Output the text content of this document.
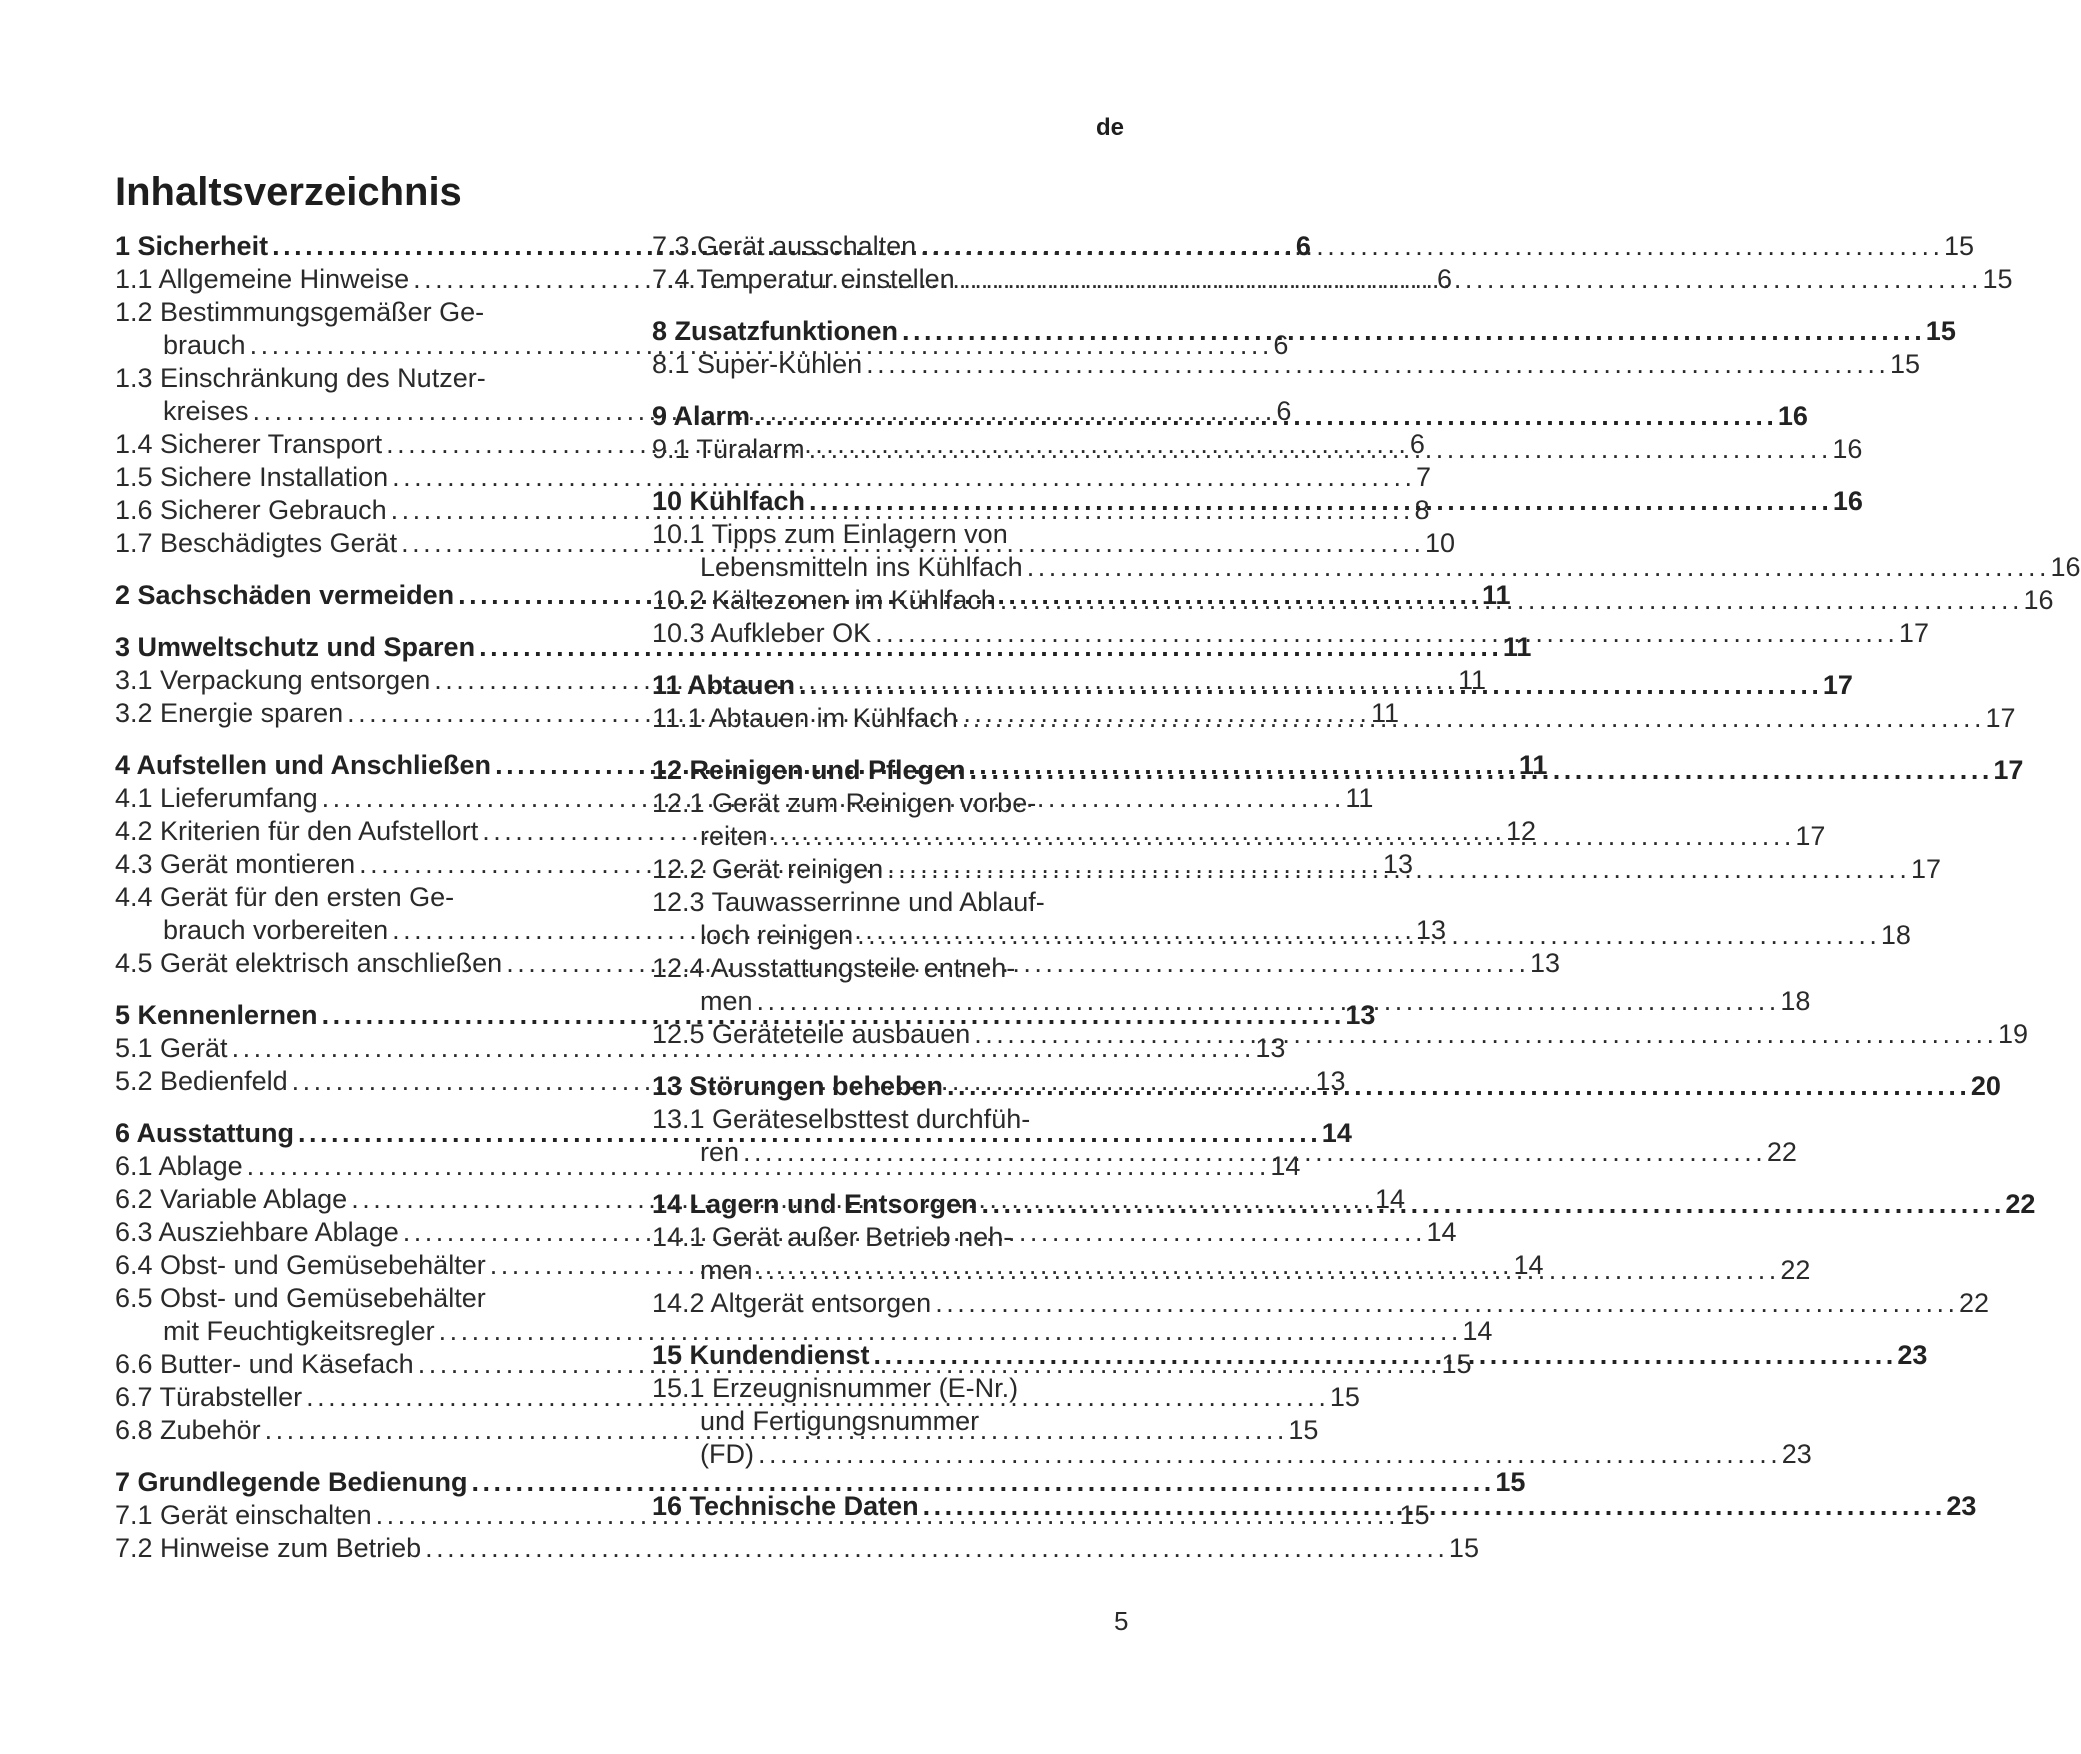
de
Inhaltsverzeichnis
1 Sicherheit . . .	6
1.1 Allgemeine Hinweise . . .	6
1.2 Bestimmungsgemäßer Ge-
brauch . . .	6
1.3 Einschränkung des Nutzer-
kreises . . .	6
1.4 Sicherer Transport . . .	6
1.5 Sichere Installation . . .	7
1.6 Sicherer Gebrauch . . .	8
1.7 Beschädigtes Gerät . . .	10
2 Sachschäden vermeiden . . .	11
3 Umweltschutz und Sparen . . .	11
3.1 Verpackung entsorgen . . .	11
3.2 Energie sparen . . .	11
4 Aufstellen und Anschließen . . .	11
4.1 Lieferumfang . . .	11
4.2 Kriterien für den Aufstellort . . .	12
4.3 Gerät montieren . . .	13
4.4 Gerät für den ersten Ge-
brauch vorbereiten . . .	13
4.5 Gerät elektrisch anschließen . . .	13
5 Kennenlernen . . .	13
5.1 Gerät . . .	13
5.2 Bedienfeld . . .	13
6 Ausstattung . . .	14
6.1 Ablage . . .	14
6.2 Variable Ablage . . .	14
6.3 Ausziehbare Ablage . . .	14
6.4 Obst- und Gemüsebehälter . . .	14
6.5 Obst- und Gemüsebehälter
mit Feuchtigkeitsregler . . .	14
6.6 Butter- und Käsefach . . .	15
6.7 Türabsteller . . .	15
6.8 Zubehör . . .	15
7 Grundlegende Bedienung . . .	15
7.1 Gerät einschalten . . .	15
7.2 Hinweise zum Betrieb . . .	15
7.3 Gerät ausschalten . . .	15
7.4 Temperatur einstellen . . .	15
8 Zusatzfunktionen . . .	15
8.1 Super-Kühlen . . .	15
9 Alarm . . .	16
9.1 Türalarm . . .	16
10 Kühlfach . . .	16
10.1 Tipps zum Einlagern von
Lebensmitteln ins Kühlfach . . .	16
10.2 Kältezonen im Kühlfach . . .	16
10.3 Aufkleber OK . . .	17
11 Abtauen . . .	17
11.1 Abtauen im Kühlfach . . .	17
12 Reinigen und Pflegen . . .	17
12.1 Gerät zum Reinigen vorbe-
reiten . . .	17
12.2 Gerät reinigen . . .	17
12.3 Tauwasserrinne und Ablauf-
loch reinigen . . .	18
12.4 Ausstattungsteile entneh-
men . . .	18
12.5 Geräteteile ausbauen . . .	19
13 Störungen beheben . . .	20
13.1 Geräteselbsttest durchfüh-
ren . . .	22
14 Lagern und Entsorgen . . .	22
14.1 Gerät außer Betrieb neh-
men . . .	22
14.2 Altgerät entsorgen . . .	22
15 Kundendienst . . .	23
15.1 Erzeugnisnummer (E-Nr.)
und Fertigungsnummer
(FD) . . .	23
16 Technische Daten . . .	23
5
